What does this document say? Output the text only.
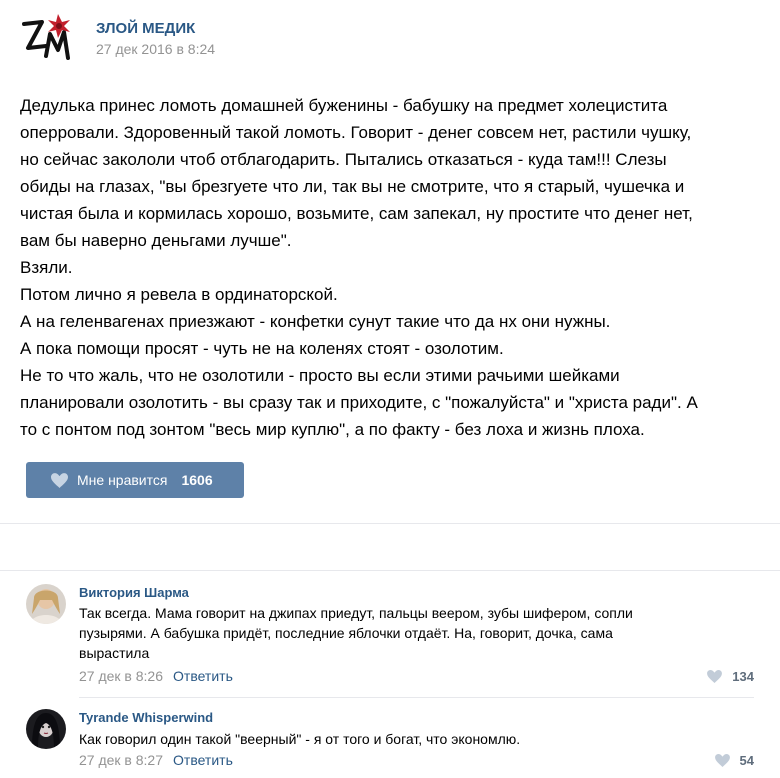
ЗЛОЙ МЕДИК
27 дек 2016 в 8:24

Дедулька принес ломоть домашней буженины - бабушку на предмет холецистита

оперровали. Здоровенный такой ломоть. Говорит - денег совсем нет, растили чушку,

но сейчас закололи чтоб отблагодарить. Пытались отказаться - куда там!!! Слезы

обиды на глазах, "вы брезгуете что ли, так вы не смотрите, что я старый, чушечка и

чистая была и кормилась хорошо, возьмите, сам запекал, ну простите что денег нет,

вам бы наверно деньгами лучше".

Взяли.

Потом лично я ревела в ординаторской.

А на геленвагенах приезжают - конфетки сунут такие что да нх они нужны.

А пока помощи просят - чуть не на коленях стоят - озолотим.

Не то что жаль, что не озолотили - просто вы если этими рачьими шейками

планировали озолотить - вы сразу так и приходите, с "пожалуйста" и "христа ради". А

то с понтом под зонтом "весь мир куплю", а по факту - без лоха и жизнь плоха.

Мне нравится 1606
Виктория Шарма
Так всегда. Мама говорит на джипах приедут, пальцы веером, зубы шифером, сопли
пузырями. А бабушка придёт, последние яблочки отдаёт. На, говорит, дочка, сама
вырастила
27 дек в 8:26 Ответить	134
Tyrande Whisperwind
Как говорил один такой "веерный" - я от того и богат, что экономлю.
27 дек в 8:27 Ответить	54
